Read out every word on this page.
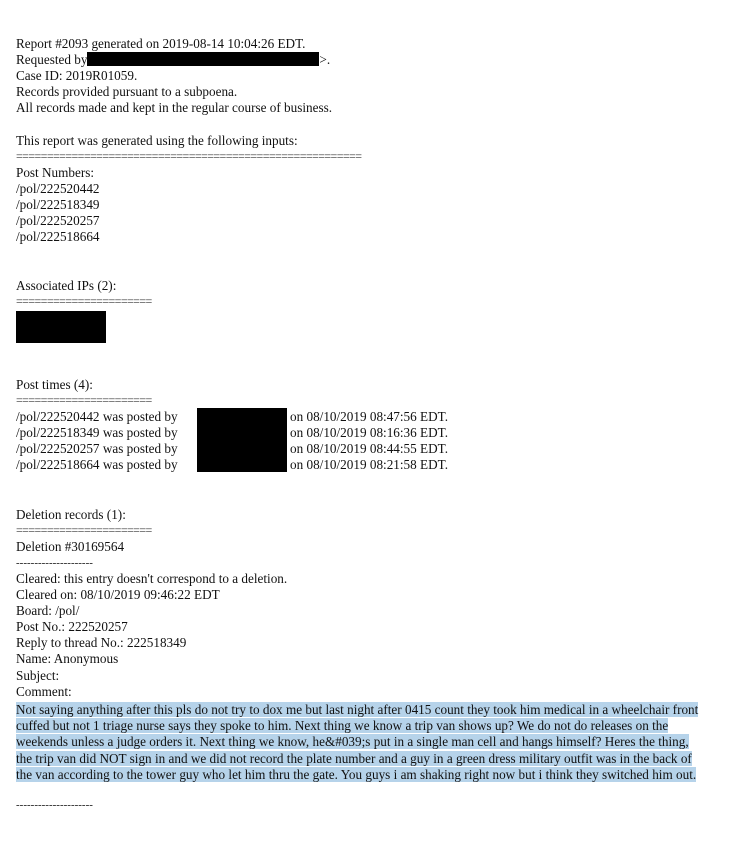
Report #2093 generated on 2019-08-14 10:04:26 EDT.
Requested by	>.
Case ID: 2019R01059.
Records provided pursuant to a subpoena.
All records made and kept in the regular course of business.
This report was generated using the following inputs:
========================================================
Post Numbers:
/pol/222520442
/pol/222518349
/pol/222520257
/pol/222518664
Associated IPs (2):
======================
Post times (4):
======================
/pol/222520442 was posted by	on 08/10/2019 08:47:56 EDT.
/pol/222518349 was posted by	on 08/10/2019 08:16:36 EDT.
/pol/222520257 was posted by	on 08/10/2019 08:44:55 EDT.
/pol/222518664 was posted by	on 08/10/2019 08:21:58 EDT.
Deletion records (1):
======================
Deletion #30169564
---------------------
Cleared: this entry doesn't correspond to a deletion.
Cleared on: 08/10/2019 09:46:22 EDT
Board: /pol/
Post No.: 222520257
Reply to thread No.: 222518349
Name: Anonymous
Subject:
Comment:
Not saying anything after this pls do not try to dox me but last night after 0415 count they took him medical in a wheelchair front cuffed but not 1 triage nurse says they spoke to him. Next thing we know a trip van shows up? We do not do releases on the weekends unless a judge orders it. Next thing we know, he&#039;s put in a single man cell and hangs himself? Heres the thing, the trip van did NOT sign in and we did not record the plate number and a guy in a green dress military outfit was in the back of the van according to the tower guy who let him thru the gate. You guys i am shaking right now but i think they switched him out.
---------------------
